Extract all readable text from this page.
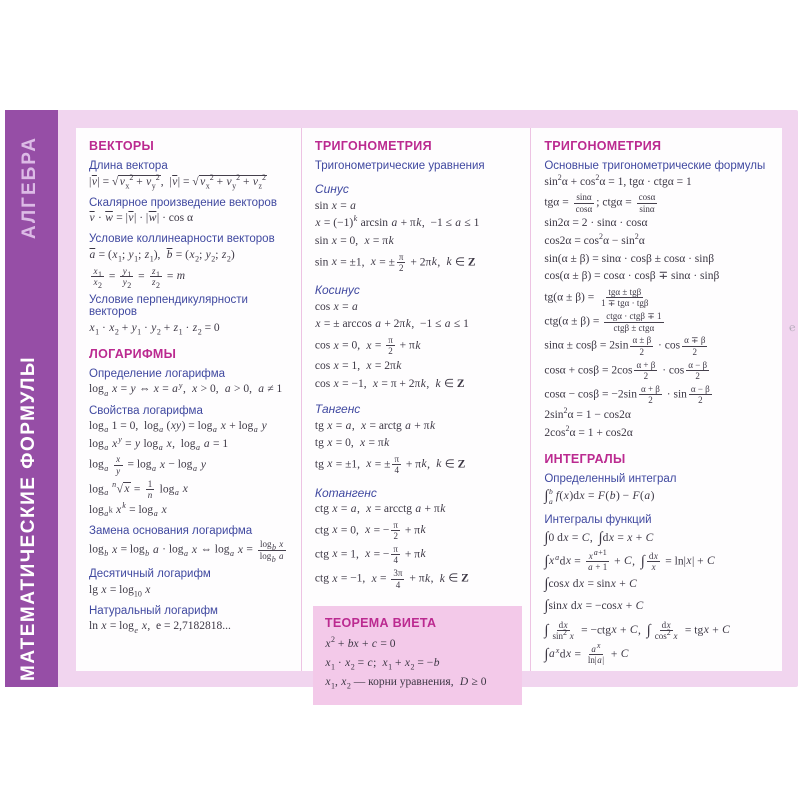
АЛГЕБРА
МАТЕМАТИЧЕСКИЕ ФОРМУЛЫ
ВЕКТОРЫ
Длина вектора
$|\overline{v}|$ = √ $v_x^2 + v_y^2$,  $|\overline{v}|$ = √ $v_x^2 + v_y^2 + v_z^2$
Скалярное произведение векторов
$\overline{v} \cdot \overline{w} = |\overline{v}| \cdot |\overline{w}| \cdot \cos \alpha$
Условие коллинеарности векторов
$\overline{a} = (x_1$; $y_1$; $z_1$),  $\overline{b} = (x_2$; $y_2$; $z_2$)
$\frac{x_1}{x_2} = \frac{y_1}{y_2} = \frac{z_1}{z_2} = m$
Условие перпендикулярности векторов
$x_1 \cdot x_2 + y_1 \cdot y_2 + z_1 \cdot z_2 = 0$
ЛОГАРИФМЫ
Определение логарифма
$\log_a x = y$ ⇔ $x = a^y$,  x > 0,  a > 0,  a ≠ 1
Свойства логарифма
$\log_a 1 = 0$,  $\log_a (xy) = \log_a x + \log_a y$
$\log_a x^y = y$ $\log_a x$,  $\log_a a = 1$
$\log_a \frac{x}{y} = \log_a x - \log_a y$
$\log_a ^n√$ $x = \frac{1}{n} \log_a x$
$\log_{a^k} x^k = \log_a x$
Замена основания логарифма
$\log_b x = \log_b a \cdot \log_a x$ ⇔ $\log_a x = \frac{\log_b x}{\log_b a}$
Десятичный логарифм
$\lg x = \log_{10} x$
Натуральный логарифм
$\ln x = \log_e x$,  e = 2,7182818...
ТРИГОНОМЕТРИЯ
Тригонометрические уравнения
Синус
sin x = a
$x = (-1)^k$ arcsin a + πk,  −1 ≤ a ≤ 1
sin x = 0,  x = πk
sin x = ±1,  x = ± $\frac{\pi}{2} + 2\pi k$,  k ∈ Z
Косинус
cos x = a
x = ± arccos a + 2πk,  −1 ≤ a ≤ 1
cos x = 0,  $x = \frac{\pi}{2} + \pi k$
cos x = 1,  x = 2πk
cos x = −1,  x = π + 2πk,  k ∈ Z
Тангенс
tg x = a,  x = arctg a + πk
tg x = 0,  x = πk
tg x = ±1,  x = ± $\frac{\pi}{4} + \pi k$,  k ∈ Z
Котангенс
ctg x = a,  x = arcctg a + πk
ctg x = 0,  x = − $\frac{\pi}{2} + \pi k$
ctg x = 1,  x = − $\frac{\pi}{4} + \pi k$
ctg x = −1,  $x = \frac{3\pi}{4} + \pi k$,  k ∈ Z
ТЕОРЕМА ВИЕТА
$x^2$ + bx + c = 0
$x_1 \cdot x_2 = c$;  $x_1 + x_2 = -b$
$x_1$, $x_2$ — корни уравнения,  D ≥ 0
ТРИГОНОМЕТРИЯ
Основные тригонометрические формулы
$\sin^2\alpha + \cos^2\alpha = 1$, tgα · ctgα = 1
$tg\alpha = \frac{\sin\alpha}{\cos\alpha}$ ; $ctg\alpha = \frac{\cos\alpha}{\sin\alpha}$
sin2α = 2 · sinα · cosα
$\cos 2\alpha = \cos^2\alpha - \sin^2\alpha$
sin(α ± β) = sinα · cosβ ± cosα · sinβ
cos(α ± β) = cosα · cosβ ∓ sinα · sinβ
tg(α ± β) = tgα ± tgβ
1 ∓ tgα · tgβ
ctg(α ± β) = ctgα · ctgβ ∓ 1
ctgβ ± ctgα
$\sin\alpha \pm \cos\beta = 2\sin \frac{\alpha \pm \beta}{2} \cdot \cos \frac{\alpha \mp \beta}{2}$
$\cos\alpha + \cos\beta = 2\cos \frac{\alpha + \beta}{2} \cdot \cos \frac{\alpha - \beta}{2}$
$\cos\alpha - \cos\beta = -2\sin \frac{\alpha + \beta}{2} \cdot \sin \frac{\alpha - \beta}{2}$
$2\sin^2\alpha = 1 - \cos 2\alpha$
$2\cos^2\alpha = 1 + \cos 2\alpha$
ИНТЕГРАЛЫ
Определенный интеграл
∫ b
a f(x)dx = F(b) − F(a)
Интегралы функций
∫0 dx = C,  ∫dx = x + C
$\int x^adx = \frac{x^{a+1}}{a + 1} + C$,  ∫ $\frac{dx}{x} = \ln|x| + C$
∫cosx dx = sinx + C
∫sinx dx = −cosx + C
∫ $\frac{dx}{\sin^2 x}$ = −ctgx + C,  ∫ $\frac{dx}{\cos^2 x}$ = tgx + C
$\int a^xdx = \frac{a^x}{\ln|a|} + C$
℮
